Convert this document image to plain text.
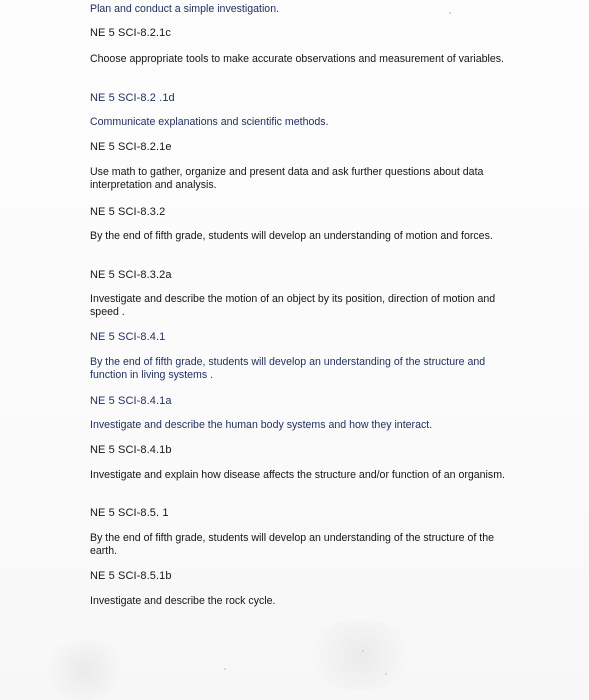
Plan and conduct a simple investigation.

NE 5 SCI-8.2.1c

Choose appropriate tools to make accurate observations and measurement of variables.

NE 5 SCI-8.2 .1d

Communicate explanations and scientific methods.

NE 5 SCI-8.2.1e

Use math to gather, organize and present data and ask further questions about data interpretation and analysis.

NE 5 SCI-8.3.2

By the end of fifth grade, students will develop an understanding of motion and forces.

NE 5 SCI-8.3.2a

Investigate and describe the motion of an object by its position, direction of motion and speed .

NE 5 SCI-8.4.1

By the end of fifth grade, students will develop an understanding of the structure and function in living systems .

NE 5 SCI-8.4.1a

Investigate and describe the human body systems and how they interact.

NE 5 SCI-8.4.1b

Investigate and explain how disease affects the structure and/or function of an organism.

NE 5 SCI-8.5. 1

By the end of fifth grade, students will develop an understanding of the structure of the earth.

NE 5 SCI-8.5.1b

Investigate and describe the rock cycle.
